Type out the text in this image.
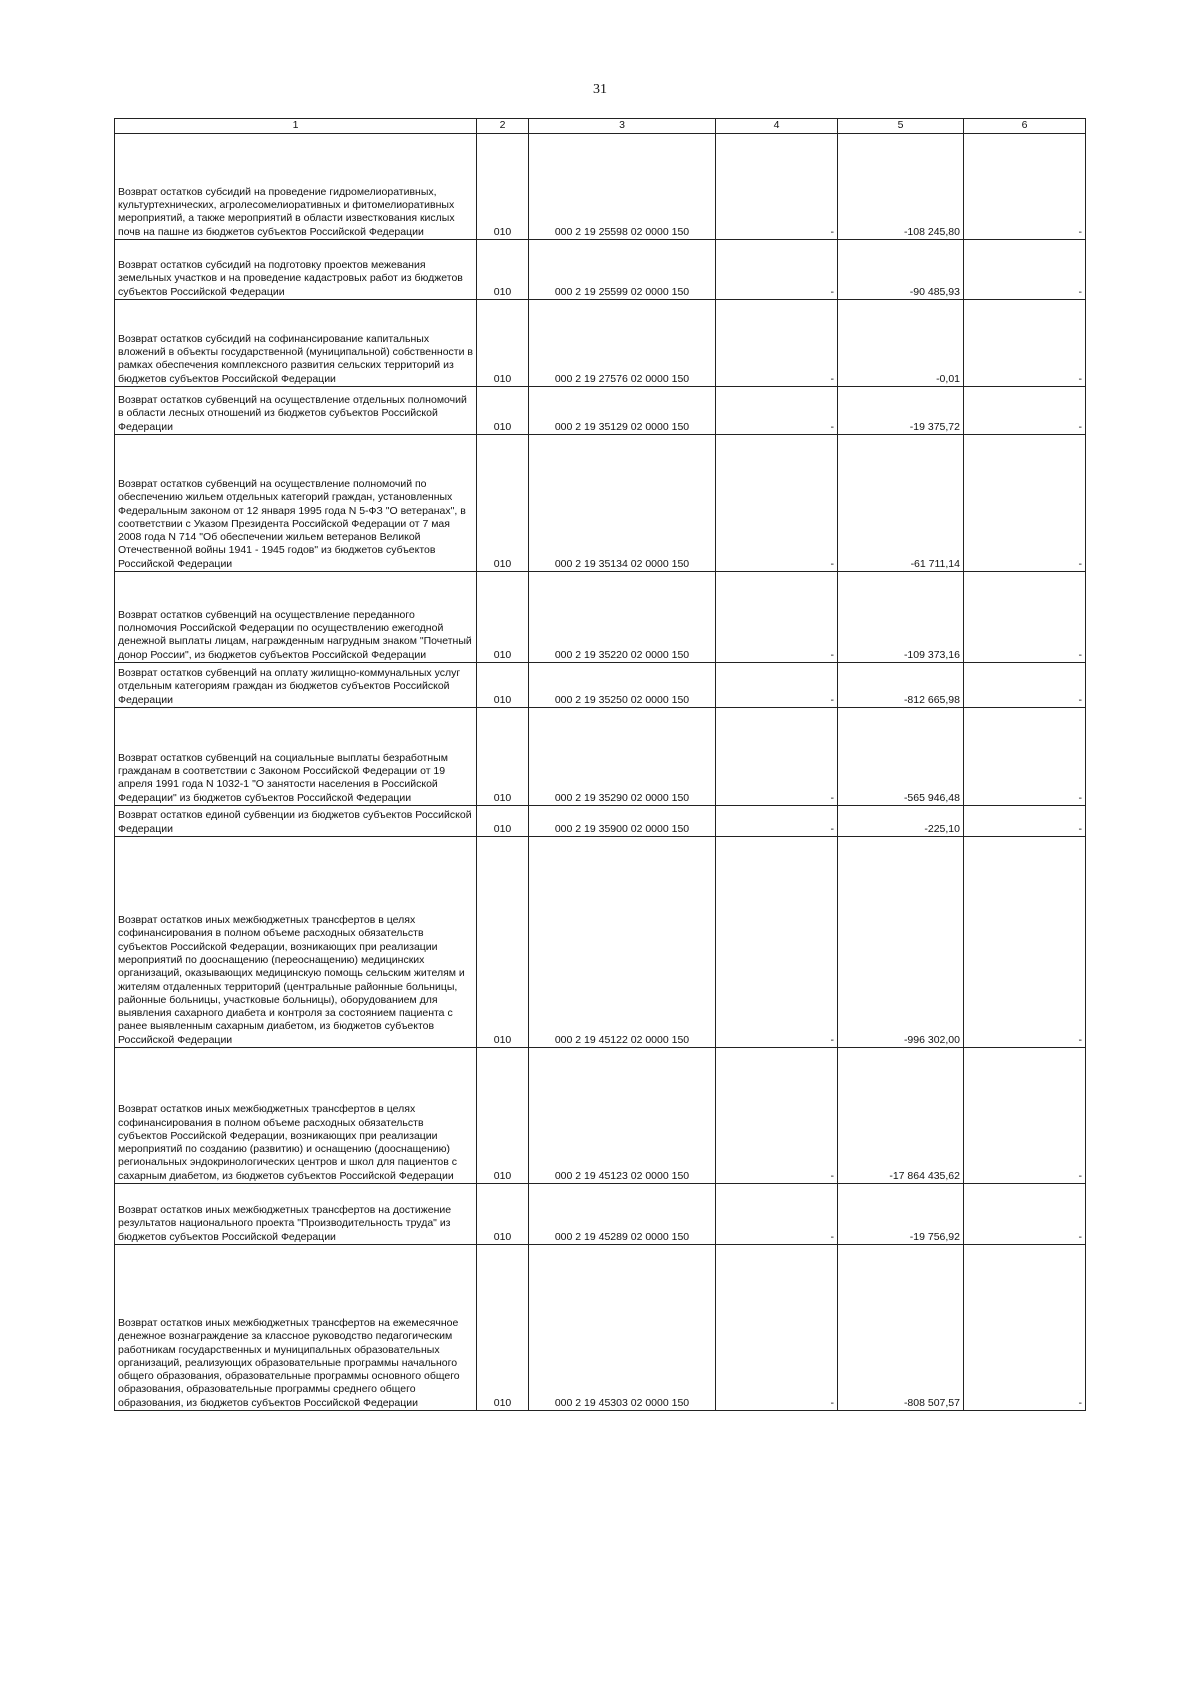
31
1	2	3	4	5	6
Возврат остатков субсидий на проведение гидромелиоративных, культуртехнических, агролесомелиоративных и фитомелиоративных мероприятий, а также мероприятий в области известкования кислых почв на пашне из бюджетов субъектов Российской Федерации	010	000 2 19 25598 02 0000 150	-	-108 245,80	-
Возврат остатков субсидий на подготовку проектов межевания земельных участков и на проведение кадастровых работ из бюджетов субъектов Российской Федерации	010	000 2 19 25599 02 0000 150	-	-90 485,93	-
Возврат остатков субсидий на софинансирование капитальных вложений в объекты государственной (муниципальной) собственности в рамках обеспечения комплексного развития сельских территорий из бюджетов субъектов Российской Федерации	010	000 2 19 27576 02 0000 150	-	-0,01	-
Возврат остатков субвенций на осуществление отдельных полномочий в области лесных отношений из бюджетов субъектов Российской Федерации	010	000 2 19 35129 02 0000 150	-	-19 375,72	-
Возврат остатков субвенций на осуществление полномочий по обеспечению жильем отдельных категорий граждан, установленных Федеральным законом от 12 января 1995 года N 5-ФЗ "О ветеранах", в соответствии с Указом Президента Российской Федерации от 7 мая 2008 года N 714 "Об обеспечении жильем ветеранов Великой Отечественной войны 1941 - 1945 годов" из бюджетов субъектов Российской Федерации	010	000 2 19 35134 02 0000 150	-	-61 711,14	-
Возврат остатков субвенций на осуществление переданного полномочия Российской Федерации по осуществлению ежегодной денежной выплаты лицам, награжденным нагрудным знаком "Почетный донор России", из бюджетов субъектов Российской Федерации	010	000 2 19 35220 02 0000 150	-	-109 373,16	-
Возврат остатков субвенций на оплату жилищно-коммунальных услуг отдельным категориям граждан из бюджетов субъектов Российской Федерации	010	000 2 19 35250 02 0000 150	-	-812 665,98	-
Возврат остатков субвенций на социальные выплаты безработным гражданам в соответствии с Законом Российской Федерации от 19 апреля 1991 года N 1032-1 "О занятости населения в Российской Федерации" из бюджетов субъектов Российской Федерации	010	000 2 19 35290 02 0000 150	-	-565 946,48	-
Возврат остатков единой субвенции из бюджетов субъектов Российской Федерации	010	000 2 19 35900 02 0000 150	-	-225,10	-
Возврат остатков иных межбюджетных трансфертов в целях софинансирования в полном объеме расходных обязательств субъектов Российской Федерации, возникающих при реализации мероприятий по дооснащению (переоснащению) медицинских организаций, оказывающих медицинскую помощь сельским жителям и жителям отдаленных территорий (центральные районные больницы, районные больницы, участковые больницы), оборудованием для выявления сахарного диабета и контроля за состоянием пациента с ранее выявленным сахарным диабетом, из бюджетов субъектов Российской Федерации	010	000 2 19 45122 02 0000 150	-	-996 302,00	-
Возврат остатков иных межбюджетных трансфертов в целях софинансирования в полном объеме расходных обязательств субъектов Российской Федерации, возникающих при реализации мероприятий по созданию (развитию) и оснащению (дооснащению) региональных эндокринологических центров и школ для пациентов с сахарным диабетом, из бюджетов субъектов Российской Федерации	010	000 2 19 45123 02 0000 150	-	-17 864 435,62	-
Возврат остатков иных межбюджетных трансфертов на достижение результатов национального проекта "Производительность труда" из бюджетов субъектов Российской Федерации	010	000 2 19 45289 02 0000 150	-	-19 756,92	-
Возврат остатков иных межбюджетных трансфертов на ежемесячное денежное вознаграждение за классное руководство педагогическим работникам государственных и муниципальных образовательных организаций, реализующих образовательные программы начального общего образования, образовательные программы основного общего образования, образовательные программы среднего общего образования, из бюджетов субъектов Российской Федерации	010	000 2 19 45303 02 0000 150	-	-808 507,57	-
